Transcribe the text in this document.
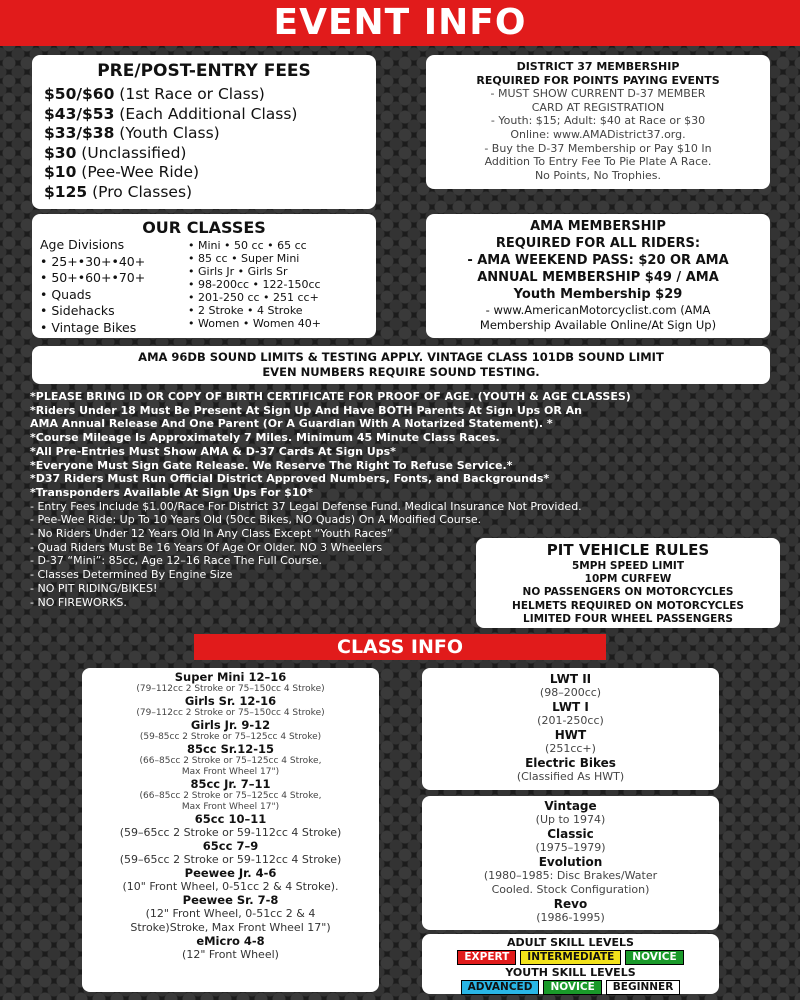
EVENT INFO
PRE/POST-ENTRY FEES
$50/$60 (1st Race or Class)
$43/$53 (Each Additional Class)
$33/$38 (Youth Class)
$30 (Unclassified)
$10 (Pee-Wee Ride)
$125 (Pro Classes)
DISTRICT 37 MEMBERSHIP
REQUIRED FOR POINTS PAYING EVENTS
- MUST SHOW CURRENT D-37 MEMBER
CARD AT REGISTRATION
- Youth: $15; Adult: $40 at Race or $30
Online: www.AMADistrict37.org.
- Buy the D-37 Membership or Pay $10 In
Addition To Entry Fee To Pie Plate A Race.
No Points, No Trophies.
OUR CLASSES
Age Divisions
• 25+•30+•40+
• 50+•60+•70+
• Quads
• Sidehacks
• Vintage Bikes
• Mini • 50 cc • 65 cc
• 85 cc • Super Mini
• Girls Jr • Girls Sr
• 98-200cc • 122-150cc
• 201-250 cc • 251 cc+
• 2 Stroke • 4 Stroke
• Women • Women 40+
AMA MEMBERSHIP
REQUIRED FOR ALL RIDERS:
- AMA WEEKEND PASS: $20 OR AMA
ANNUAL MEMBERSHIP $49 / AMA
Youth Membership $29
- www.AmericanMotorcyclist.com (AMA
Membership Available Online/At Sign Up)
AMA 96DB SOUND LIMITS & TESTING APPLY. VINTAGE CLASS 101DB SOUND LIMIT
EVEN NUMBERS REQUIRE SOUND TESTING.
*PLEASE BRING ID OR COPY OF BIRTH CERTIFICATE FOR PROOF OF AGE. (YOUTH & AGE CLASSES)
*Riders Under 18 Must Be Present At Sign Up And Have BOTH Parents At Sign Ups OR An
AMA Annual Release And One Parent (Or A Guardian With A Notarized Statement). *
*Course Mileage Is Approximately 7 Miles. Minimum 45 Minute Class Races.
*All Pre-Entries Must Show AMA & D-37 Cards At Sign Ups*
*Everyone Must Sign Gate Release. We Reserve The Right To Refuse Service.*
*D37 Riders Must Run Official District Approved Numbers, Fonts, and Backgrounds*
*Transponders Available At Sign Ups For $10*
- Entry Fees Include $1.00/Race For District 37 Legal Defense Fund. Medical Insurance Not Provided.
- Pee-Wee Ride: Up To 10 Years Old (50cc Bikes, NO Quads) On A Modified Course.
- No Riders Under 12 Years Old In Any Class Except “Youth Races”
- Quad Riders Must Be 16 Years Of Age Or Older. NO 3 Wheelers
- D-37 “Mini”: 85cc, Age 12–16 Race The Full Course.
- Classes Determined By Engine Size
- NO PIT RIDING/BIKES!
- NO FIREWORKS.
PIT VEHICLE RULES
5MPH SPEED LIMIT
10PM CURFEW
NO PASSENGERS ON MOTORCYCLES
HELMETS REQUIRED ON MOTORCYCLES
LIMITED FOUR WHEEL PASSENGERS
CLASS INFO
Super Mini 12–16
(79–112cc 2 Stroke or 75–150cc 4 Stroke)
Girls Sr. 12-16
(79–112cc 2 Stroke or 75–150cc 4 Stroke)
Girls Jr. 9-12
(59-85cc 2 Stroke or 75–125cc 4 Stroke)
85cc Sr.12-15
(66–85cc 2 Stroke or 75–125cc 4 Stroke,
Max Front Wheel 17")
85cc Jr. 7–11
(66–85cc 2 Stroke or 75–125cc 4 Stroke,
Max Front Wheel 17")
65cc 10–11
(59–65cc 2 Stroke or 59-112cc 4 Stroke)
65cc 7–9
(59–65cc 2 Stroke or 59-112cc 4 Stroke)
Peewee Jr. 4-6
(10" Front Wheel, 0-51cc 2 & 4 Stroke).
Peewee Sr. 7-8
(12" Front Wheel, 0-51cc 2 & 4
Stroke)Stroke, Max Front Wheel 17")
eMicro 4-8
(12" Front Wheel)
LWT II
(98–200cc)
LWT I
(201-250cc)
HWT
(251cc+)
Electric Bikes
(Classified As HWT)
Vintage
(Up to 1974)
Classic
(1975–1979)
Evolution
(1980–1985: Disc Brakes/Water
Cooled. Stock Configuration)
Revo
(1986-1995)
ADULT SKILL LEVELS
EXPERT	INTERMEDIATE	NOVICE
YOUTH SKILL LEVELS
ADVANCED	NOVICE	BEGINNER
